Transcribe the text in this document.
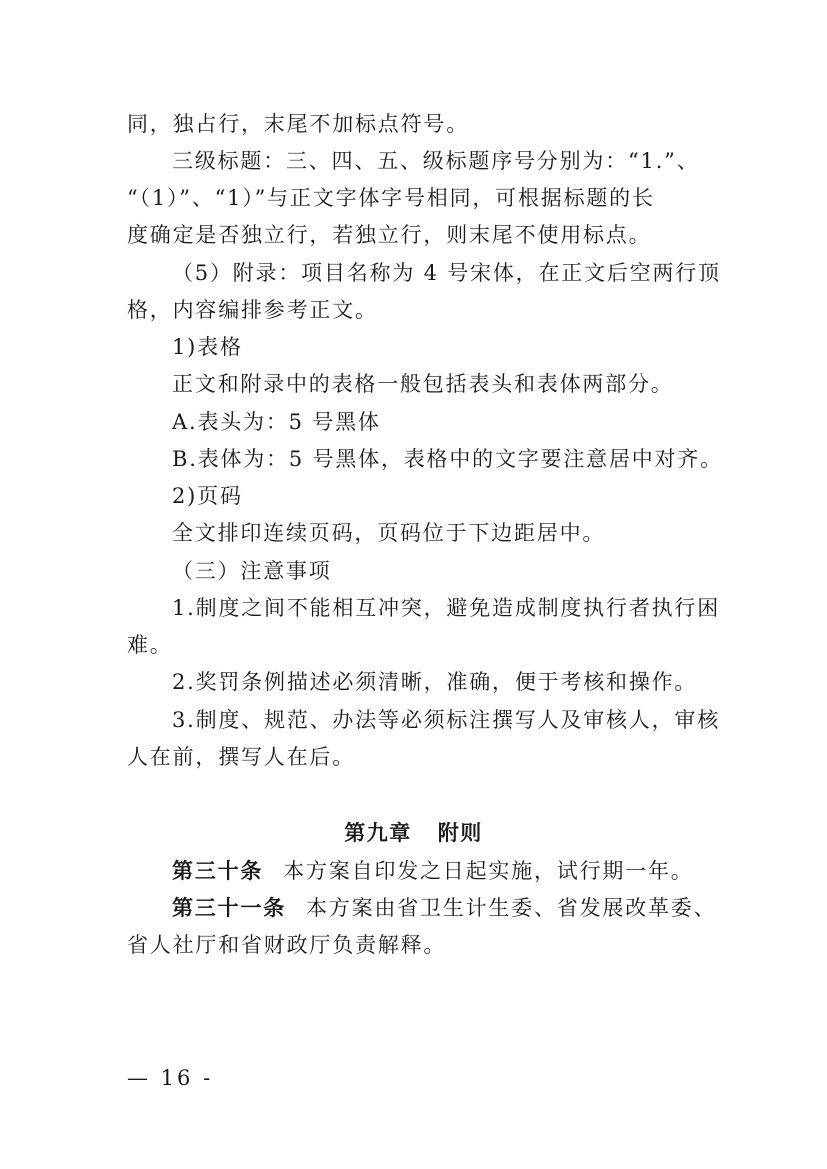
同，独占行，末尾不加标点符号。
三级标题：三、四、五、级标题序号分别为：“1.”、
“（1）”、“1）”与正文字体字号相同，可根据标题的长
度确定是否独立行，若独立行，则末尾不使用标点。
（5）附录：项目名称为 4 号宋体，在正文后空两行顶
格，内容编排参考正文。
1)表格
正文和附录中的表格一般包括表头和表体两部分。
A.表头为：5 号黑体
B.表体为：5 号黑体，表格中的文字要注意居中对齐。
2)页码
全文排印连续页码，页码位于下边距居中。
（三）注意事项
1.制度之间不能相互冲突，避免造成制度执行者执行困
难。
2.奖罚条例描述必须清晰，准确，便于考核和操作。
3.制度、规范、办法等必须标注撰写人及审核人，审核
人在前，撰写人在后。
第九章 附则
第三十条 本方案自印发之日起实施，试行期一年。
第三十一条 本方案由省卫生计生委、省发展改革委、
省人社厅和省财政厅负责解释。
— 16 -
